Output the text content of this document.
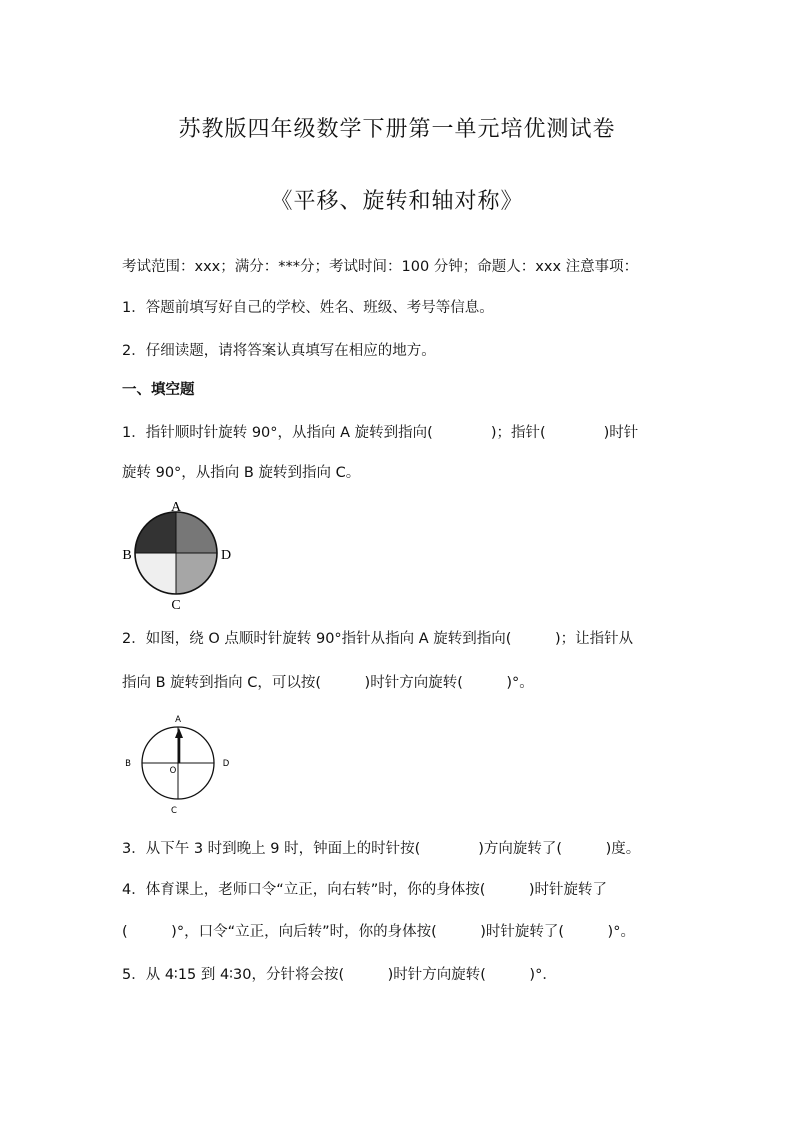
苏教版四年级数学下册第一单元培优测试卷
《平移、旋转和轴对称》
考试范围：xxx；满分：***分；考试时间：100 分钟；命题人：xxx 注意事项：
1．答题前填写好自己的学校、姓名、班级、考号等信息。
2．仔细读题，请将答案认真填写在相应的地方。
一、填空题
1．指针顺时针旋转 90°，从指向 A 旋转到指向(　　　　)；指针(　　　　)时针
旋转 90°，从指向 B 旋转到指向 C。
A
B	D
C
2．如图，绕 O 点顺时针旋转 90°指针从指向 A 旋转到指向(　　　)；让指针从
指向 B 旋转到指向 C，可以按(　　　)时针方向旋转(　　　)°。
A
B	D
O
C
3．从下午 3 时到晚上 9 时，钟面上的时针按(　　　　)方向旋转了(　　　)度。
4．体育课上，老师口令“立正，向右转”时，你的身体按(　　　)时针旋转了
(　　　)°，口令“立正，向后转”时，你的身体按(　　　)时针旋转了(　　　)°。
5．从 4∶15 到 4∶30，分针将会按(　　　)时针方向旋转(　　　)°．
